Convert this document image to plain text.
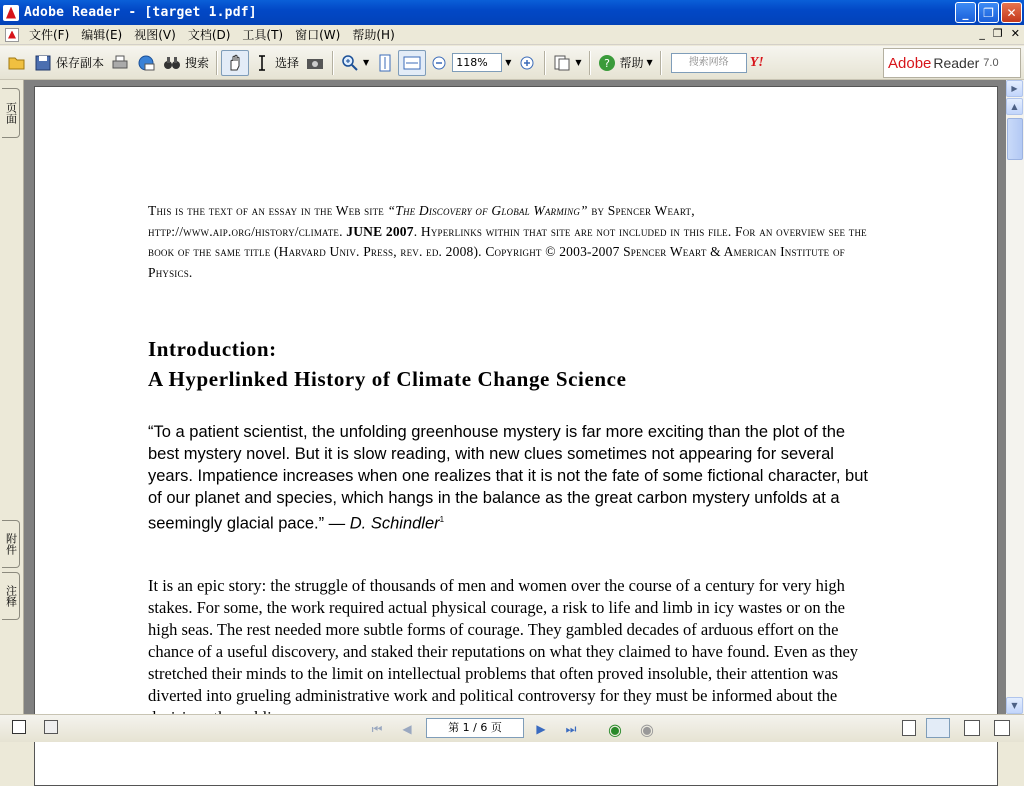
Adobe Reader - [target 1.pdf]	_	❐	✕
文件(F)	编辑(E)	视图(V)	文档(D)	工具(T)	窗口(W)	帮助(H)	_ ❐ ✕
保存副本	搜索	选择	▼	118%	▼	▼ ? 帮助 ▼	搜索网络	Y!	Adobe Reader 7.0
页面
附件
注释
This is the text of an essay in the Web site “The Discovery of Global Warming” by Spencer Weart, http://www.aip.org/history/climate. JUNE 2007. Hyperlinks within that site are not included in this file. For an overview see the book of the same title (Harvard Univ. Press, rev. ed. 2008). Copyright © 2003-2007 Spencer Weart & American Institute of Physics.
Introduction:
A Hyperlinked History of Climate Change Science
“To a patient scientist, the unfolding greenhouse mystery is far more exciting than the plot of the best mystery novel. But it is slow reading, with new clues sometimes not appearing for several years. Impatience increases when one realizes that it is not the fate of some fictional character, but of our planet and species, which hangs in the balance as the great carbon mystery unfolds at a seemingly glacial pace.” — D. Schindler$^1$
It is an epic story: the struggle of thousands of men and women over the course of a century for very high stakes. For some, the work required actual physical courage, a risk to life and limb in icy wastes or on the high seas. The rest needed more subtle forms of courage. They gambled decades of arduous effort on the chance of a useful discovery, and staked their reputations on what they claimed to have found. Even as they stretched their minds to the limit on intellectual problems that often proved insoluble, their attention was diverted into grueling administrative work and political controversy for they must be informed about the
▶
▲
▼
⏮	◀	第 1 / 6 页	▶	⏭ ◉ ◉
